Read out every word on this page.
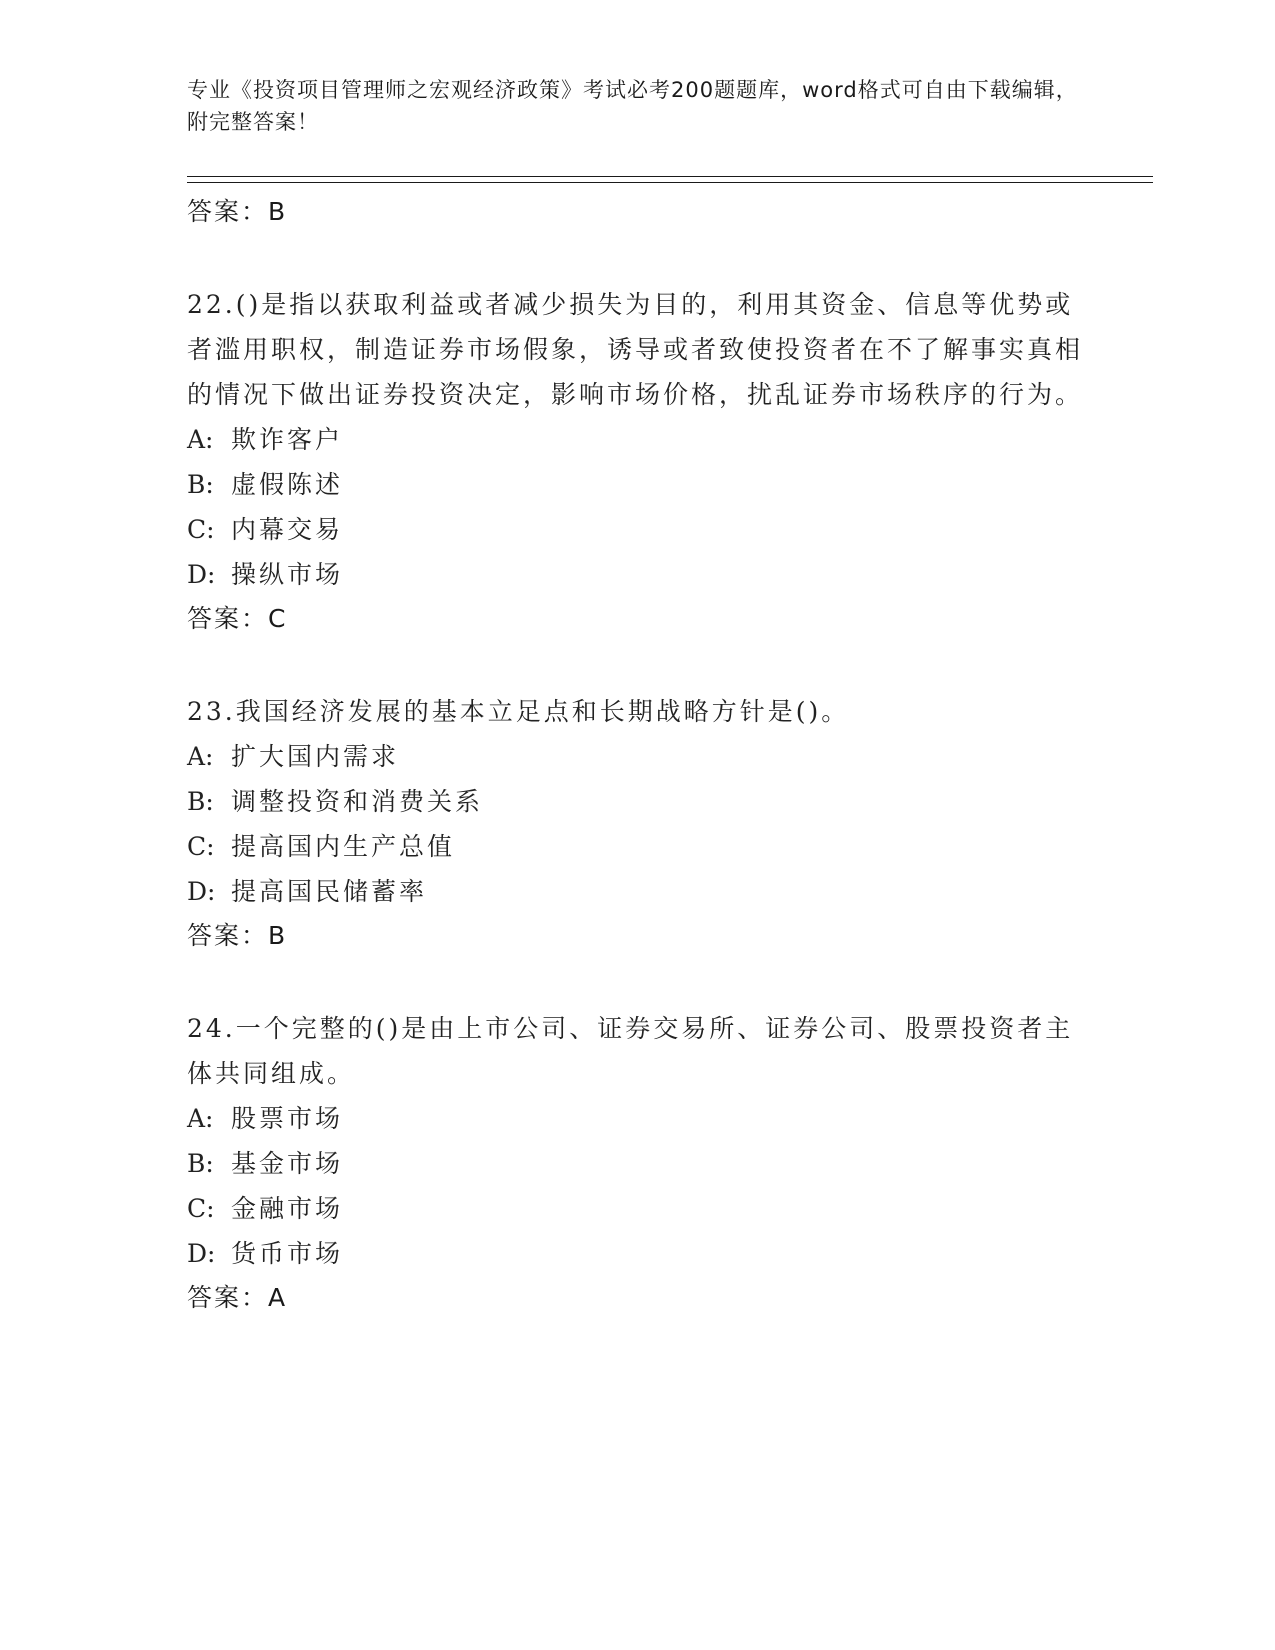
专业《投资项目管理师之宏观经济政策》考试必考200题题库，word格式可自由下载编辑，附完整答案！
答案：B
22.()是指以获取利益或者减少损失为目的，利用其资金、信息等优势或者滥用职权，制造证券市场假象，诱导或者致使投资者在不了解事实真相的情况下做出证券投资决定，影响市场价格，扰乱证券市场秩序的行为。
A: 欺诈客户
B: 虚假陈述
C: 内幕交易
D: 操纵市场
答案：C
23.我国经济发展的基本立足点和长期战略方针是()。
A: 扩大国内需求
B: 调整投资和消费关系
C: 提高国内生产总值
D: 提高国民储蓄率
答案：B
24.一个完整的()是由上市公司、证券交易所、证券公司、股票投资者主体共同组成。
A: 股票市场
B: 基金市场
C: 金融市场
D: 货币市场
答案：A
